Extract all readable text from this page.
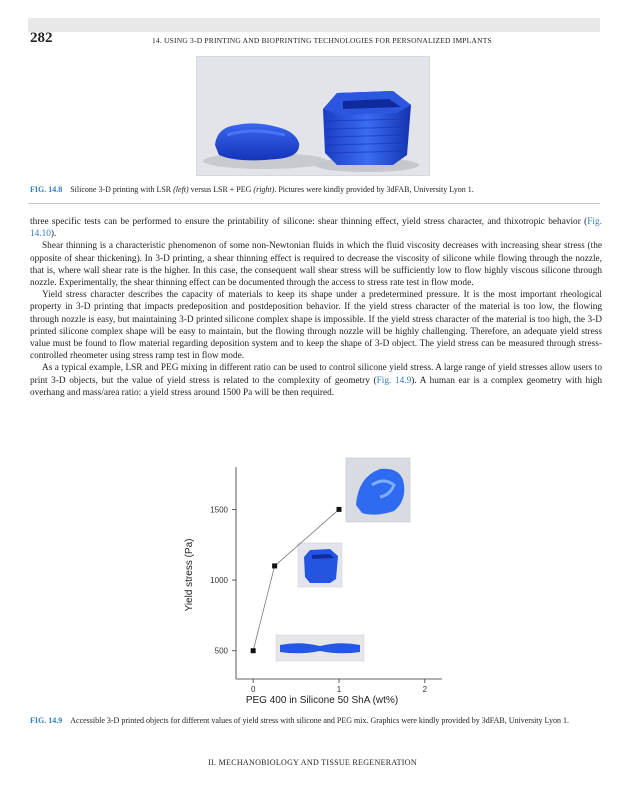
282	14. USING 3-D PRINTING AND BIOPRINTING TECHNOLOGIES FOR PERSONALIZED IMPLANTS
FIG. 14.8 Silicone 3-D printing with LSR (left) versus LSR + PEG (right). Pictures were kindly provided by 3dFAB, University Lyon 1.

three specific tests can be performed to ensure the printability of silicone: shear thinning effect, yield stress character, and thixotropic behavior (Fig. 14.10).

Shear thinning is a characteristic phenomenon of some non-Newtonian fluids in which the fluid viscosity decreases with increasing shear stress (the opposite of shear thickening). In 3-D printing, a shear thinning effect is required to decrease the viscosity of silicone while flowing through the nozzle, that is, where wall shear rate is the higher. In this case, the consequent wall shear stress will be sufficiently low to flow highly viscous silicone through nozzle. Experimentally, the shear thinning effect can be documented through the access to stress rate test in flow mode.

Yield stress character describes the capacity of materials to keep its shape under a predetermined pressure. It is the most important rheological property in 3-D printing that impacts predeposition and postdeposition behavior. If the yield stress character of the material is too low, the flowing through nozzle is easy, but maintaining 3-D printed silicone complex shape is impossible. If the yield stress character of the material is too high, the 3-D printed silicone complex shape will be easy to maintain, but the flowing through nozzle will be highly challenging. Therefore, an adequate yield stress value must be found to flow material regarding deposition system and to keep the shape of 3-D object. The yield stress can be measured through stress-controlled rheometer using stress ramp test in flow mode.

As a typical example, LSR and PEG mixing in different ratio can be used to control silicone yield stress. A large range of yield stresses allow users to print 3-D objects, but the value of yield stress is related to the complexity of geometry (Fig. 14.9). A human ear is a complex geometry with high overhang and mass/area ratio: a yield stress around 1500 Pa will be then required.

500
1000
1500
0	1	2
PEG 400 in Silicone 50 ShA (wt%)
Yield stress (Pa)
FIG. 14.9 Accessible 3-D printed objects for different values of yield stress with silicone and PEG mix. Graphics were kindly provided by 3dFAB, University Lyon 1.
II. MECHANOBIOLOGY AND TISSUE REGENERATION
